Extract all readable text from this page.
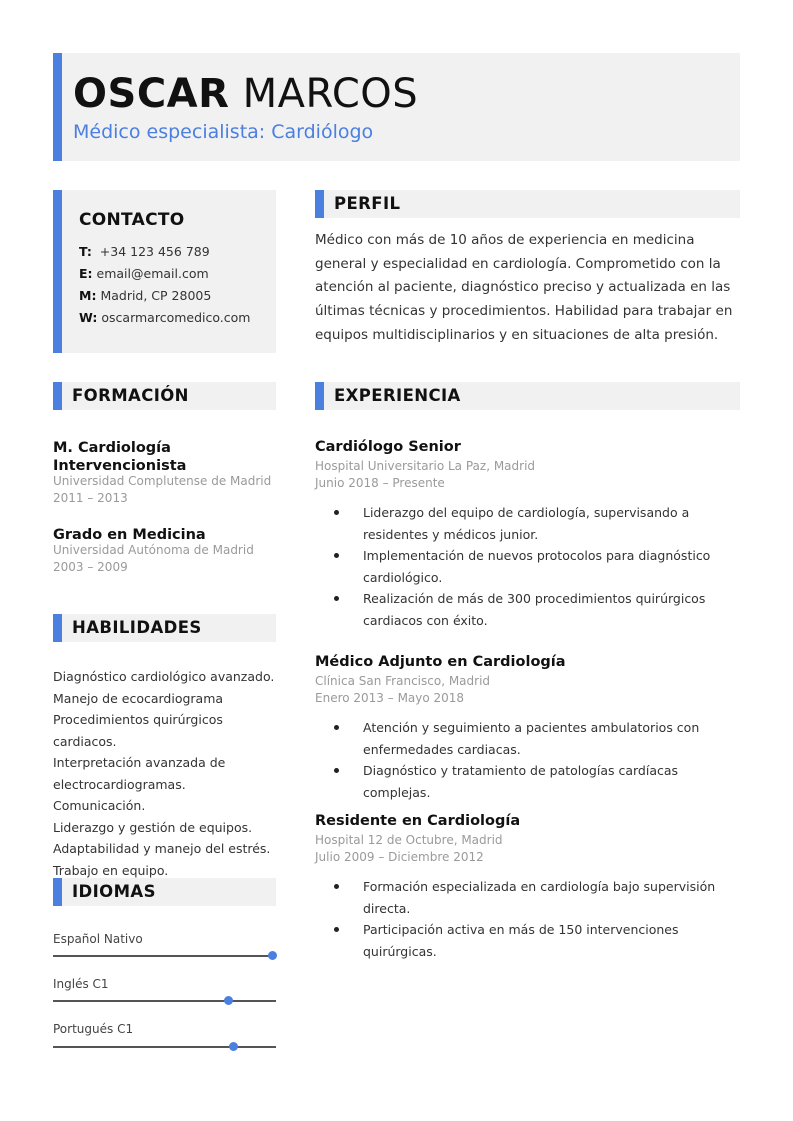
OSCAR MARCOS
Médico especialista: Cardiólogo
CONTACTO
T: +34 123 456 789
E: email@email.com
M: Madrid, CP 28005
W: oscarmarcomedico.com
FORMACIÓN
M. Cardiología Intervencionista
Universidad Complutense de Madrid
2011 – 2013
Grado en Medicina
Universidad Autónoma de Madrid
2003 – 2009
HABILIDADES
Diagnóstico cardiológico avanzado.
Manejo de ecocardiograma
Procedimientos quirúrgicos cardiacos.
Interpretación avanzada de electrocardiogramas.
Comunicación.
Liderazgo y gestión de equipos.
Adaptabilidad y manejo del estrés.
Trabajo en equipo.
IDIOMAS
Español Nativo
Inglés C1
Portugués C1
PERFIL

Médico con más de 10 años de experiencia en medicina general y especialidad en cardiología. Comprometido con la atención al paciente, diagnóstico preciso y actualizada en las últimas técnicas y procedimientos. Habilidad para trabajar en equipos multidisciplinarios y en situaciones de alta presión.

EXPERIENCIA
Cardiólogo Senior
Hospital Universitario La Paz, Madrid
Junio 2018 – Presente
Liderazgo del equipo de cardiología, supervisando a residentes y médicos junior.
Implementación de nuevos protocolos para diagnóstico cardiológico.
Realización de más de 300 procedimientos quirúrgicos cardiacos con éxito.
Médico Adjunto en Cardiología
Clínica San Francisco, Madrid
Enero 2013 – Mayo 2018
Atención y seguimiento a pacientes ambulatorios con enfermedades cardiacas.
Diagnóstico y tratamiento de patologías cardíacas complejas.
Residente en Cardiología
Hospital 12 de Octubre, Madrid
Julio 2009 – Diciembre 2012
Formación especializada en cardiología bajo supervisión directa.
Participación activa en más de 150 intervenciones quirúrgicas.
